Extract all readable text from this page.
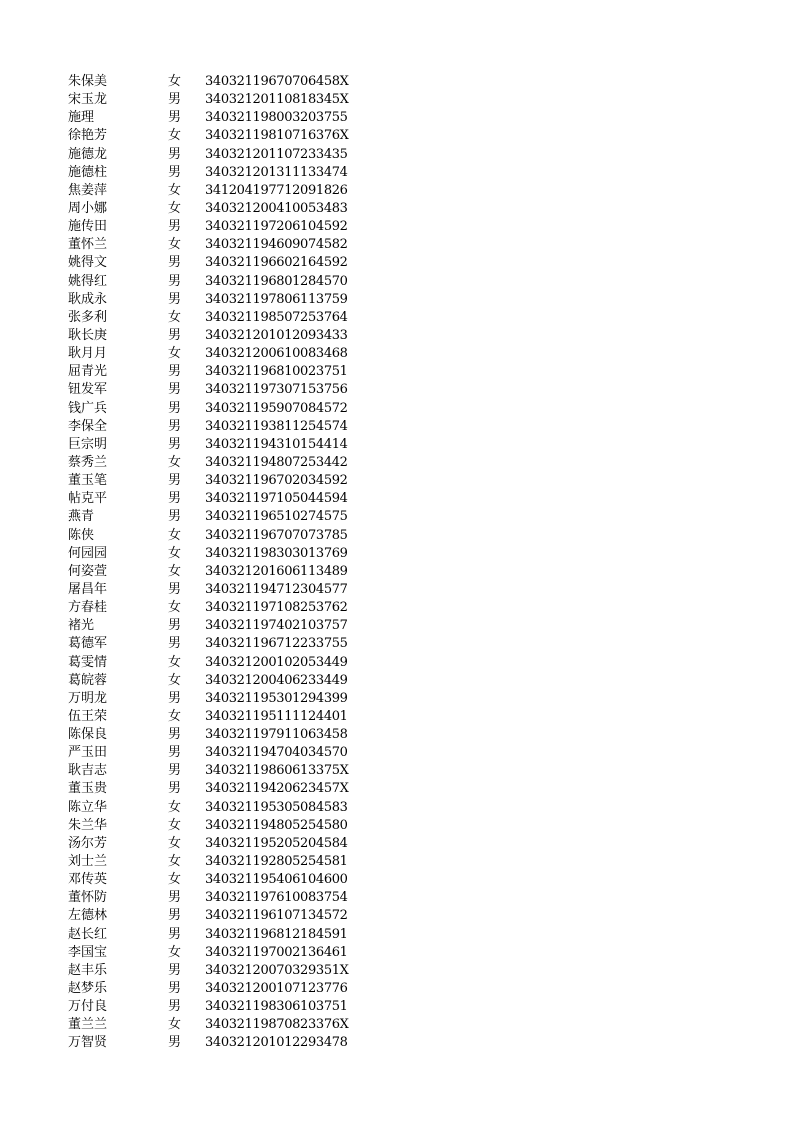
朱保美	女 34032119670706458X
宋玉龙	男 34032120110818345X
施理	男 340321198003203755
徐艳芳	女 34032119810716376X
施德龙	男 340321201107233435
施德柱	男 340321201311133474
焦姜萍	女 341204197712091826
周小娜	女 340321200410053483
施传田	男 340321197206104592
董怀兰	女 340321194609074582
姚得文	男 340321196602164592
姚得红	男 340321196801284570
耿成永	男 340321197806113759
张多利	女 340321198507253764
耿长庚	男 340321201012093433
耿月月	女 340321200610083468
屈青光	男 340321196810023751
钮发军	男 340321197307153756
钱广兵	男 340321195907084572
李保全	男 340321193811254574
巨宗明	男 340321194310154414
蔡秀兰	女 340321194807253442
董玉笔	男 340321196702034592
帖克平	男 340321197105044594
燕青	男 340321196510274575
陈侠	女 340321196707073785
何园园	女 340321198303013769
何姿萱	女 340321201606113489
屠昌年	男 340321194712304577
方春桂	女 340321197108253762
褚光	男 340321197402103757
葛德军	男 340321196712233755
葛雯情	女 340321200102053449
葛皖蓉	女 340321200406233449
万明龙	男 340321195301294399
伍王荣	女 340321195111124401
陈保良	男 340321197911063458
严玉田	男 340321194704034570
耿吉志	男 34032119860613375X
董玉贵	男 34032119420623457X
陈立华	女 340321195305084583
朱兰华	女 340321194805254580
汤尔芳	女 340321195205204584
刘士兰	女 340321192805254581
邓传英	女 340321195406104600
董怀防	男 340321197610083754
左德林	男 340321196107134572
赵长红	男 340321196812184591
李国宝	女 340321197002136461
赵丰乐	男 34032120070329351X
赵梦乐	男 340321200107123776
万付良	男 340321198306103751
董兰兰	女 34032119870823376X
万智贤	男 340321201012293478
